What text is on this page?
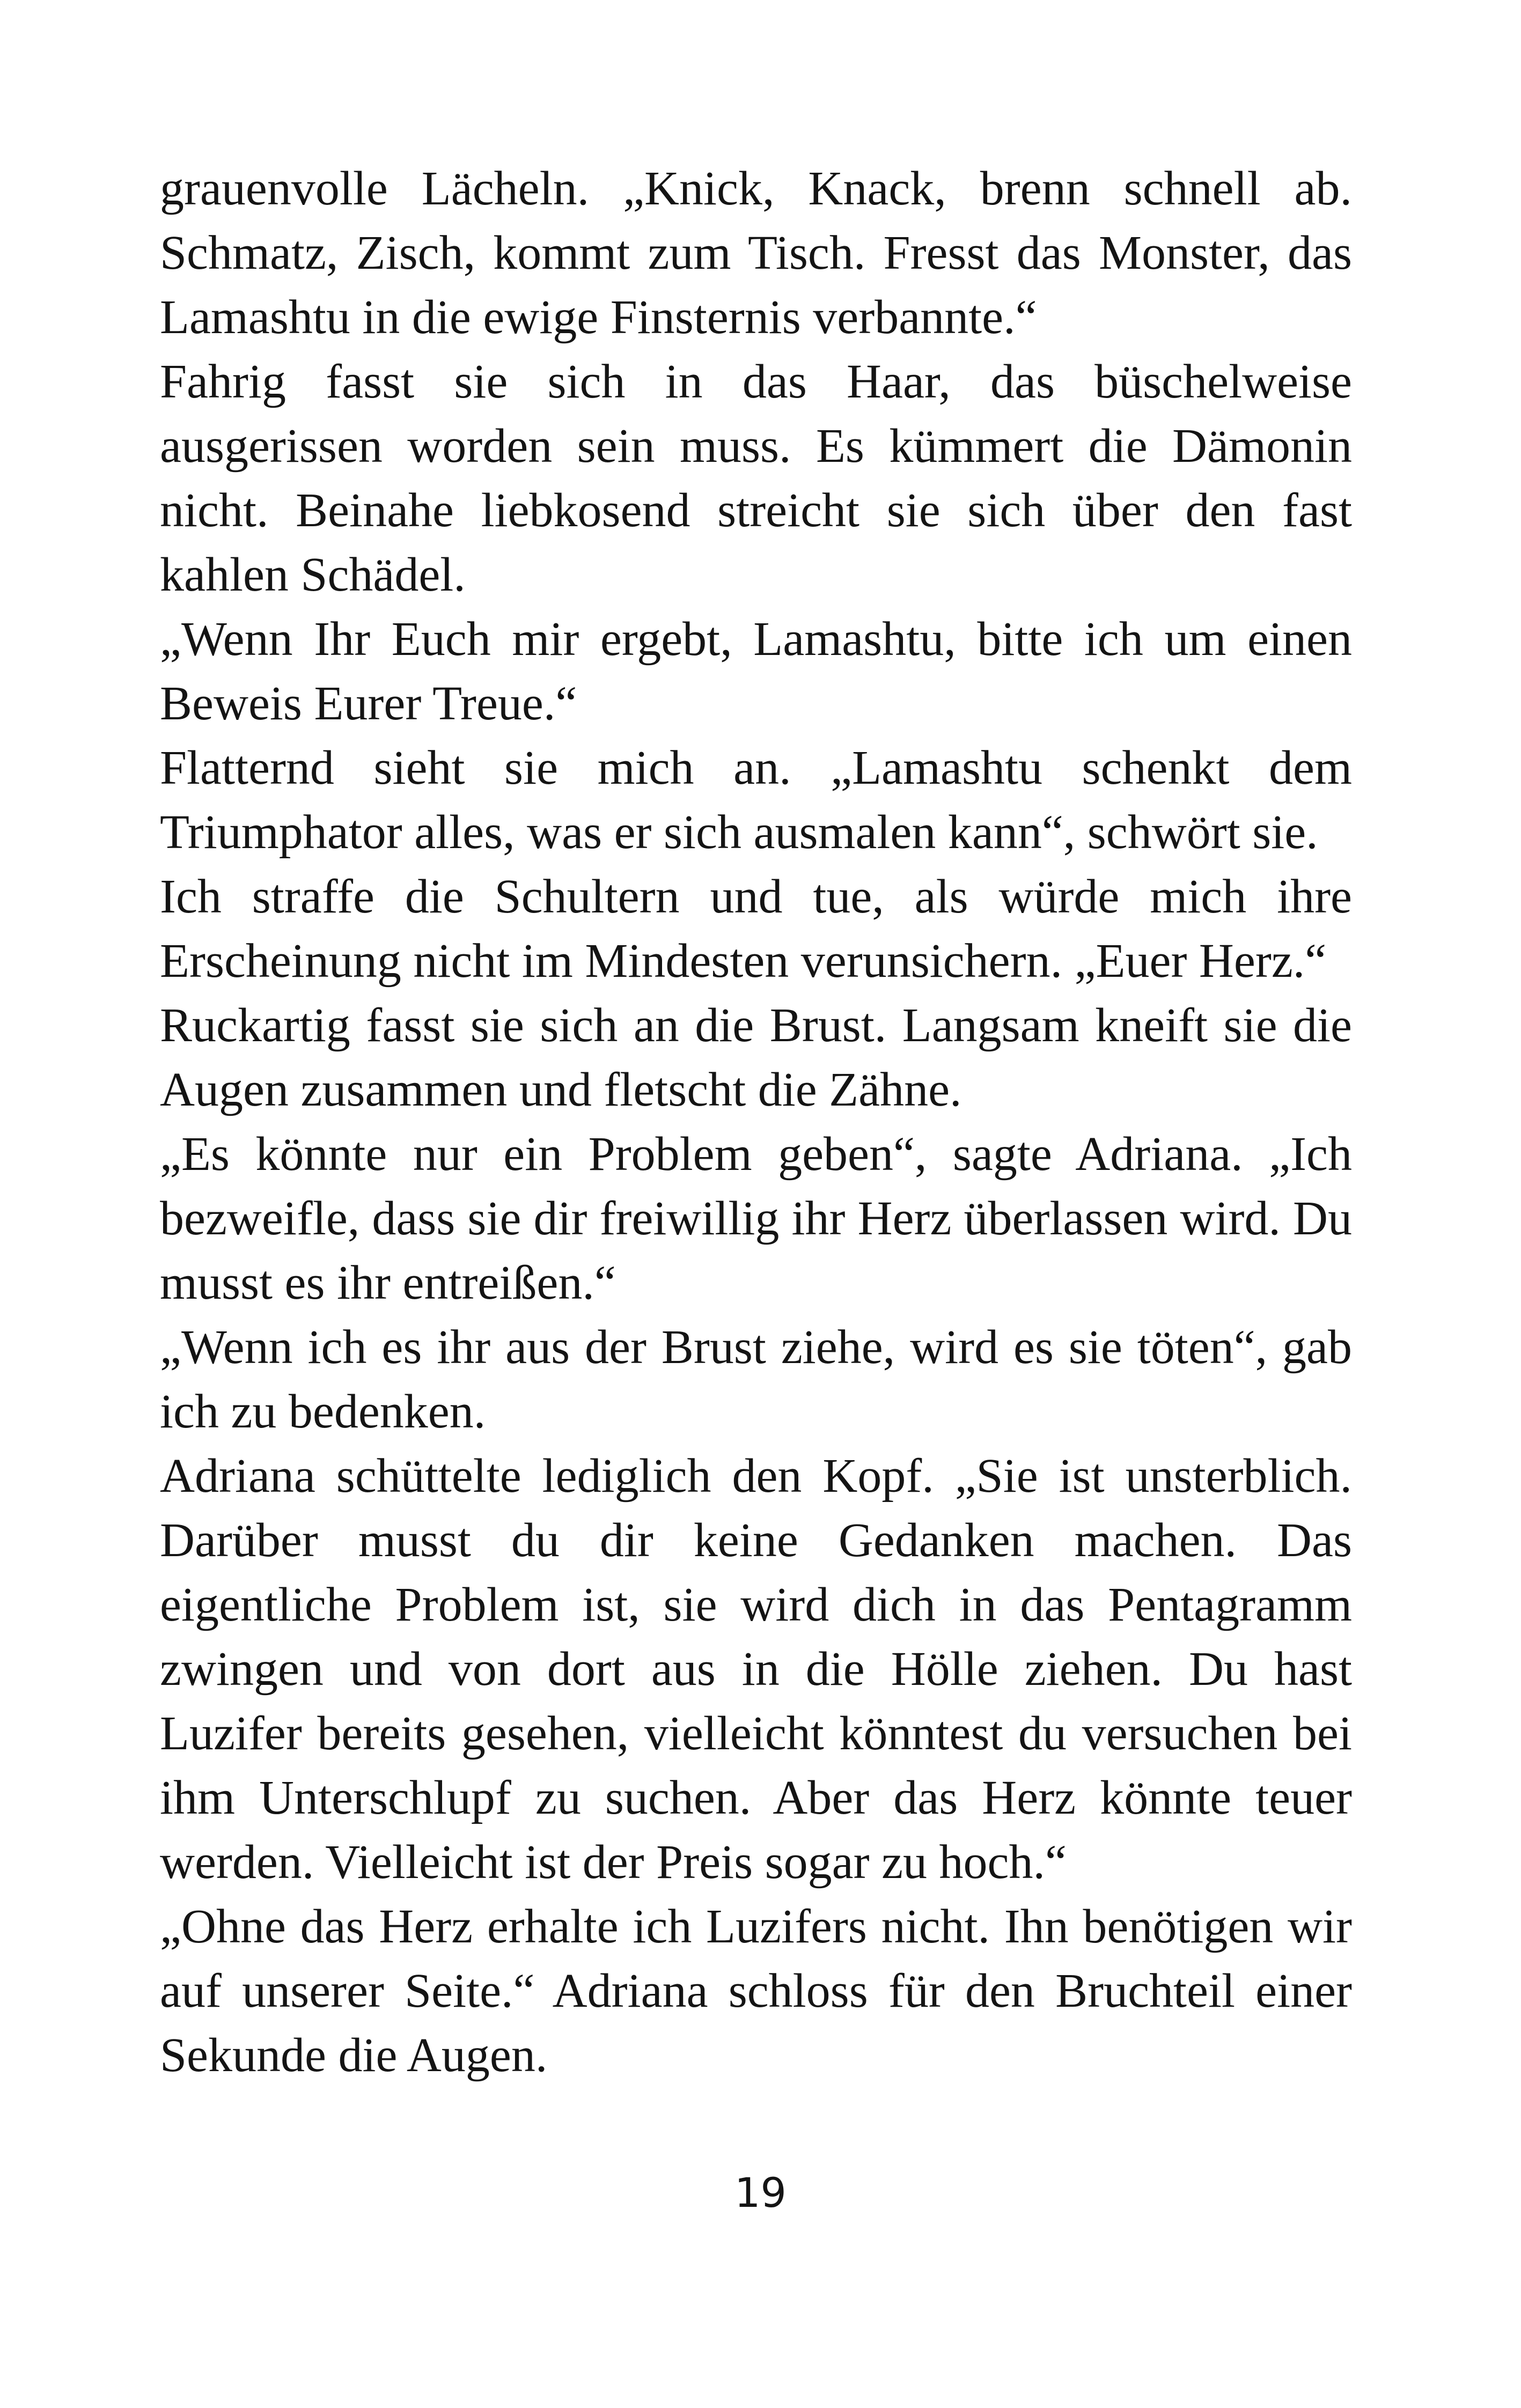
grauenvolle Lächeln. „Knick, Knack, brenn schnell ab. Schmatz, Zisch, kommt zum Tisch. Fresst das Monster, das Lamashtu in die ewige Finsternis verbannte.“

Fahrig fasst sie sich in das Haar, das büschelweise ausgerissen worden sein muss. Es kümmert die Dämonin nicht. Beinahe liebkosend streicht sie sich über den fast kahlen Schädel.

„Wenn Ihr Euch mir ergebt, Lamashtu, bitte ich um einen Beweis Eurer Treue.“

Flatternd sieht sie mich an. „Lamashtu schenkt dem Triumphator alles, was er sich ausmalen kann“, schwört sie.

Ich straffe die Schultern und tue, als würde mich ihre Erscheinung nicht im Mindesten verunsichern. „Euer Herz.“

Ruckartig fasst sie sich an die Brust. Langsam kneift sie die Augen zusammen und fletscht die Zähne.

„Es könnte nur ein Problem geben“, sagte Adriana. „Ich bezweifle, dass sie dir freiwillig ihr Herz überlassen wird. Du musst es ihr entreißen.“

„Wenn ich es ihr aus der Brust ziehe, wird es sie töten“, gab ich zu bedenken.

Adriana schüttelte lediglich den Kopf. „Sie ist unsterblich. Darüber musst du dir keine Gedanken machen. Das eigentliche Problem ist, sie wird dich in das Pentagramm zwingen und von dort aus in die Hölle ziehen. Du hast Luzifer bereits gesehen, vielleicht könntest du versuchen bei ihm Unterschlupf zu suchen. Aber das Herz könnte teuer werden. Vielleicht ist der Preis sogar zu hoch.“

„Ohne das Herz erhalte ich Luzifers nicht. Ihn benötigen wir auf unserer Seite.“ Adriana schloss für den Bruchteil einer Sekunde die Augen.

19
